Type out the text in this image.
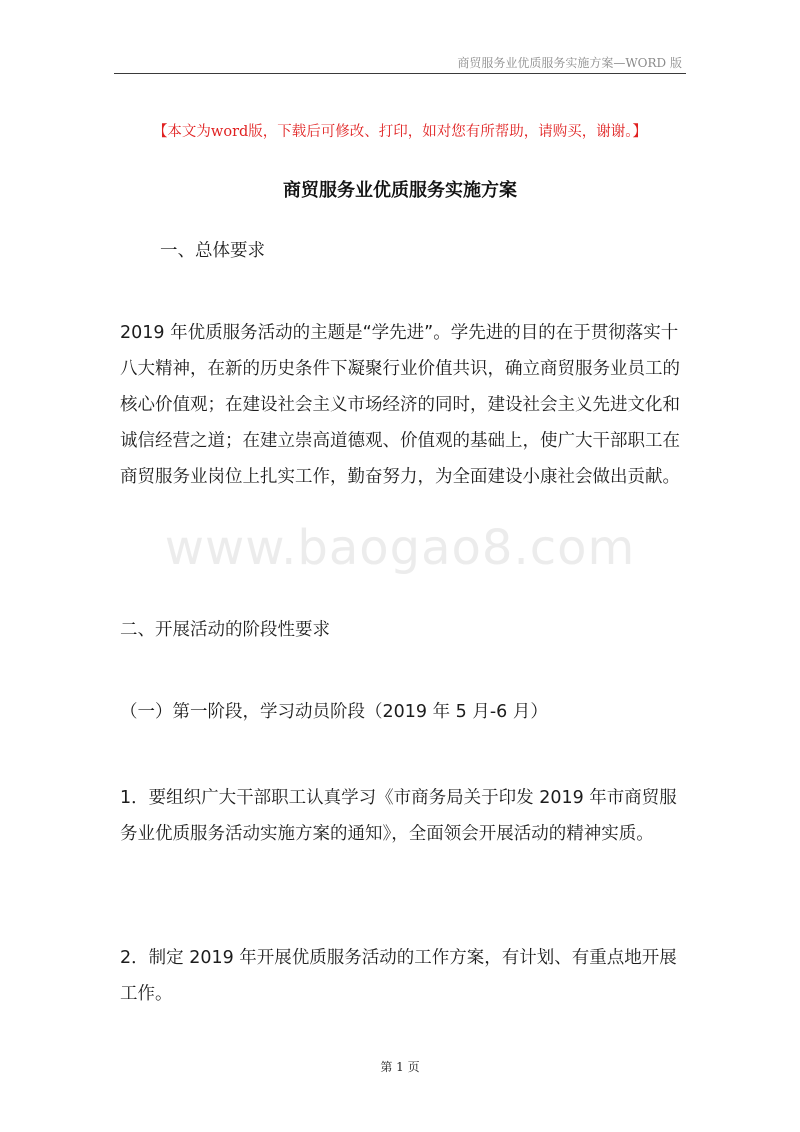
商贸服务业优质服务实施方案—WORD 版
【本文为word版，下载后可修改、打印，如对您有所帮助，请购买，谢谢。】
商贸服务业优质服务实施方案

一、总体要求

2019 年优质服务活动的主题是“学先进”。学先进的目的在于贯彻落实十八大精神，在新的历史条件下凝聚行业价值共识，确立商贸服务业员工的核心价值观；在建设社会主义市场经济的同时，建设社会主义先进文化和诚信经营之道；在建立崇高道德观、价值观的基础上，使广大干部职工在商贸服务业岗位上扎实工作，勤奋努力，为全面建设小康社会做出贡献。

www.baogao8.com

二、开展活动的阶段性要求

（一）第一阶段，学习动员阶段（2019 年 5 月-6 月）

1．要组织广大干部职工认真学习《市商务局关于印发 2019 年市商贸服务业优质服务活动实施方案的通知》，全面领会开展活动的精神实质。

2．制定 2019 年开展优质服务活动的工作方案，有计划、有重点地开展工作。

第 1 页
